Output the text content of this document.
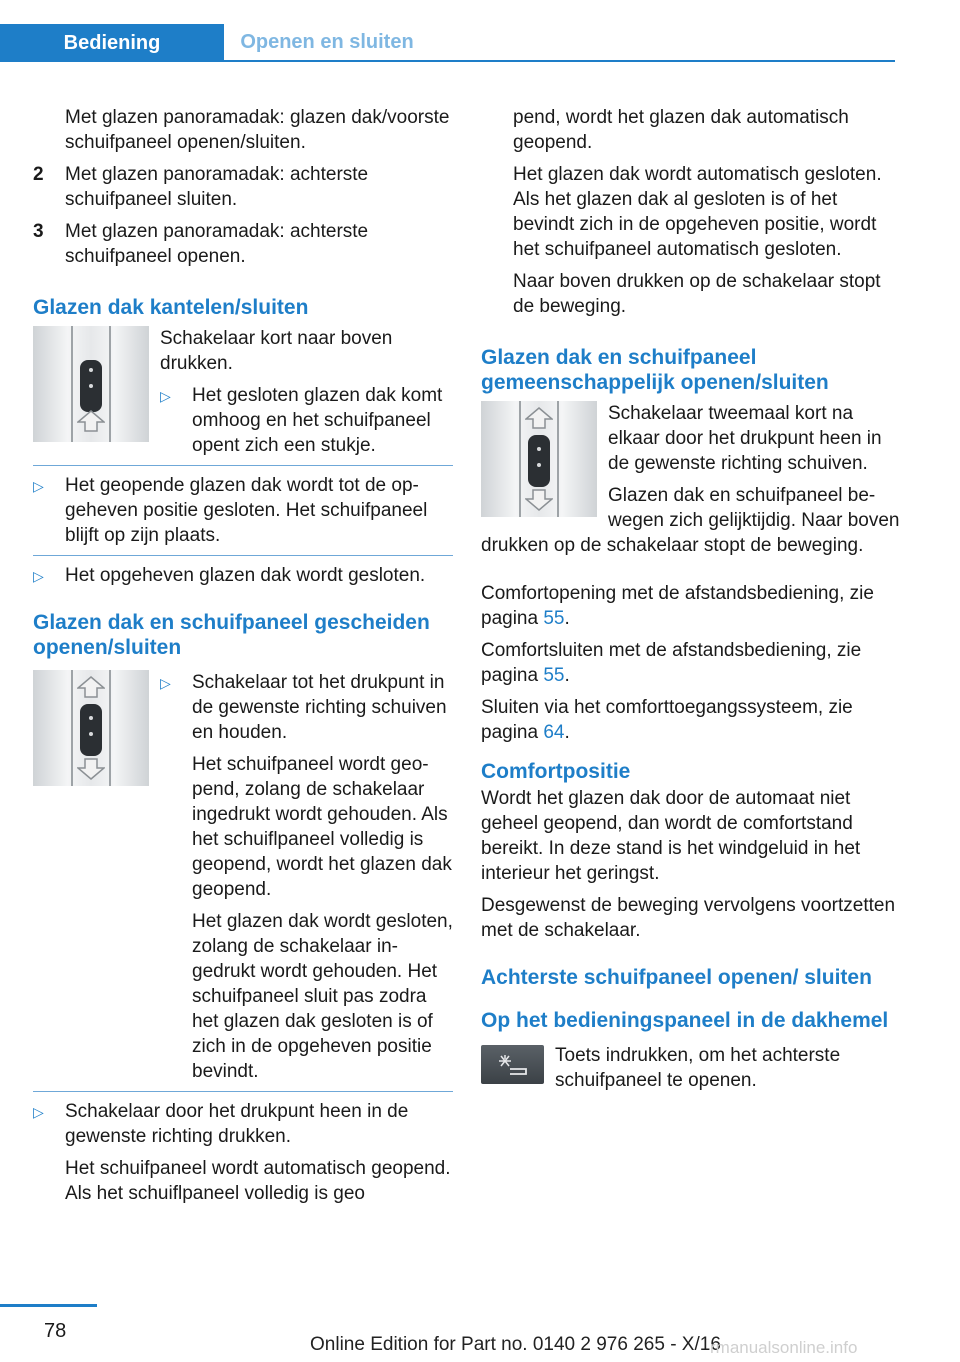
Bediening	Openen en sluiten

Met glazen panoramadak: glazen dak/voorste schuifpaneel openen/sluiten.

2	Met glazen panoramadak: achterste schuifpaneel sluiten.
3	Met glazen panoramadak: achterste schuifpaneel openen.
Glazen dak kantelen/sluiten

Schakelaar kort naar boven drukken.

▷	Het gesloten glazen dak komt omhoog en het schuifpaneel opent zich een stukje.
▷	Het geopende glazen dak wordt tot de opgeheven positie gesloten. Het schuifpaneel blijft op zijn plaats.
▷	Het opgeheven glazen dak wordt gesloten.
Glazen dak en schuifpaneel gescheiden openen/sluiten
▷	Schakelaar tot het drukpunt in de gewenste richting schuiven en houden.

Het schuifpaneel wordt geopend, zolang de schakelaar ingedrukt wordt gehouden. Als het schuiflpaneel volledig is geopend, wordt het glazen dak geopend.

Het glazen dak wordt gesloten, zolang de schakelaar ingedrukt wordt gehouden. Het schuifpaneel sluit pas zodra het glazen dak gesloten is of zich in de opgeheven positie bevindt.

▷	Schakelaar door het drukpunt heen in de gewenste richting drukken.

Het schuifpaneel wordt automatisch geopend. Als het schuiflpaneel volledig is geo

pend, wordt het glazen dak automatisch geopend.

Het glazen dak wordt automatisch gesloten. Als het glazen dak al gesloten is of het bevindt zich in de opgeheven positie, wordt het schuifpaneel automatisch gesloten.

Naar boven drukken op de schakelaar stopt de beweging.

Glazen dak en schuifpaneel gemeenschappelijk openen/sluiten

Schakelaar tweemaal kort na elkaar door het drukpunt heen in de gewenste richting schuiven.

Glazen dak en schuifpaneel bewegen zich gelijktijdig. Naar boven drukken op de schakelaar stopt de beweging.

Comfortopening met de afstandsbediening, zie pagina 55.

Comfortsluiten met de afstandsbediening, zie pagina 55.

Sluiten via het comforttoegangssysteem, zie pagina 64.

Comfortpositie

Wordt het glazen dak door de automaat niet geheel geopend, dan wordt de comfortstand bereikt. In deze stand is het windgeluid in het interieur het geringst.

Desgewenst de beweging vervolgens voortzetten met de schakelaar.

Achterste schuifpaneel openen/ sluiten
Op het bedieningspaneel in de dakhemel

Toets indrukken, om het achterste schuifpaneel te openen.

78
Online Edition for Part no. 0140 2 976 265 - X/16
rmanualsonline.info
